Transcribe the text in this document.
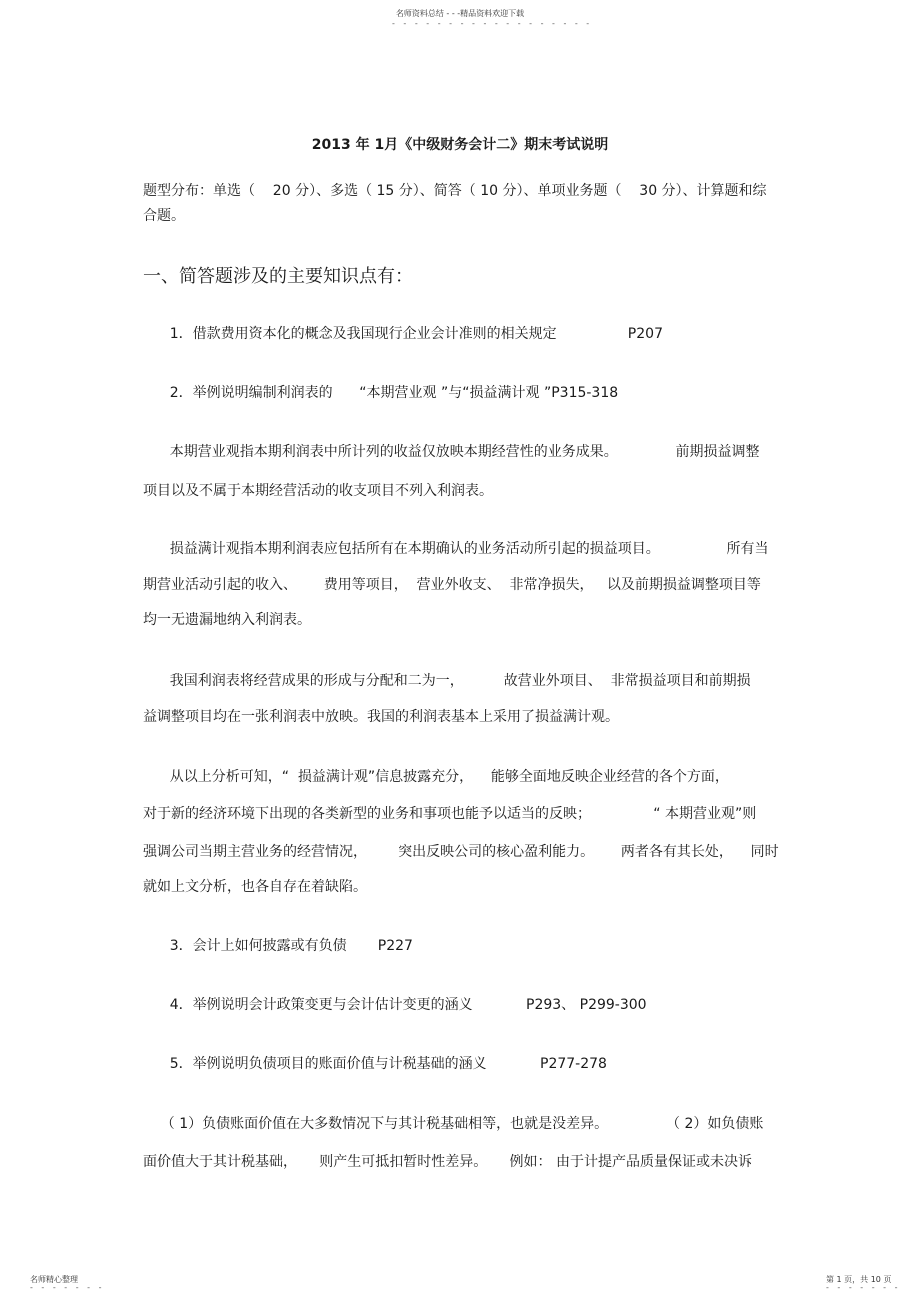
名师资料总结 - - -精品资料欢迎下载
- - - - - - - - - - - - - - - - - -
2013 年 1月《中级财务会计二》期末考试说明
题型分布：单选（    20 分）、多选（ 15 分）、简答（ 10 分）、单项业务题（    30 分）、计算题和综
合题。
一、简答题涉及的主要知识点有：
1．借款费用资本化的概念及我国现行企业会计准则的相关规定                P207
2．举例说明编制利润表的      “本期营业观 ”与“损益满计观 ”P315-318
本期营业观指本期利润表中所计列的收益仅放映本期经营性的业务成果。             前期损益调整
项目以及不属于本期经营活动的收支项目不列入利润表。
损益满计观指本期利润表应包括所有在本期确认的业务活动所引起的损益项目。               所有当
期营业活动引起的收入、      费用等项目，  营业外收支、  非常净损失，   以及前期损益调整项目等
均一无遗漏地纳入利润表。
我国利润表将经营成果的形成与分配和二为一，         故营业外项目、  非常损益项目和前期损
益调整项目均在一张利润表中放映。我国的利润表基本上采用了损益满计观。
从以上分析可知，“  损益满计观”信息披露充分，    能够全面地反映企业经营的各个方面，
对于新的经济环境下出现的各类新型的业务和事项也能予以适当的反映；              “ 本期营业观”则
强调公司当期主营业务的经营情况，       突出反映公司的核心盈利能力。      两者各有其长处，    同时
就如上文分析，也各自存在着缺陷。
3．会计上如何披露或有负债       P227
4．举例说明会计政策变更与会计估计变更的涵义            P293、 P299-300
5．举例说明负债项目的账面价值与计税基础的涵义            P277-278
（ 1）负债账面价值在大多数情况下与其计税基础相等，也就是没差异。             （ 2）如负债账
面价值大于其计税基础，     则产生可抵扣暂时性差异。     例如： 由于计提产品质量保证或未决诉
名师精心整理
- - - - - - -
第 1 页，共 10 页
- - - - - - -
